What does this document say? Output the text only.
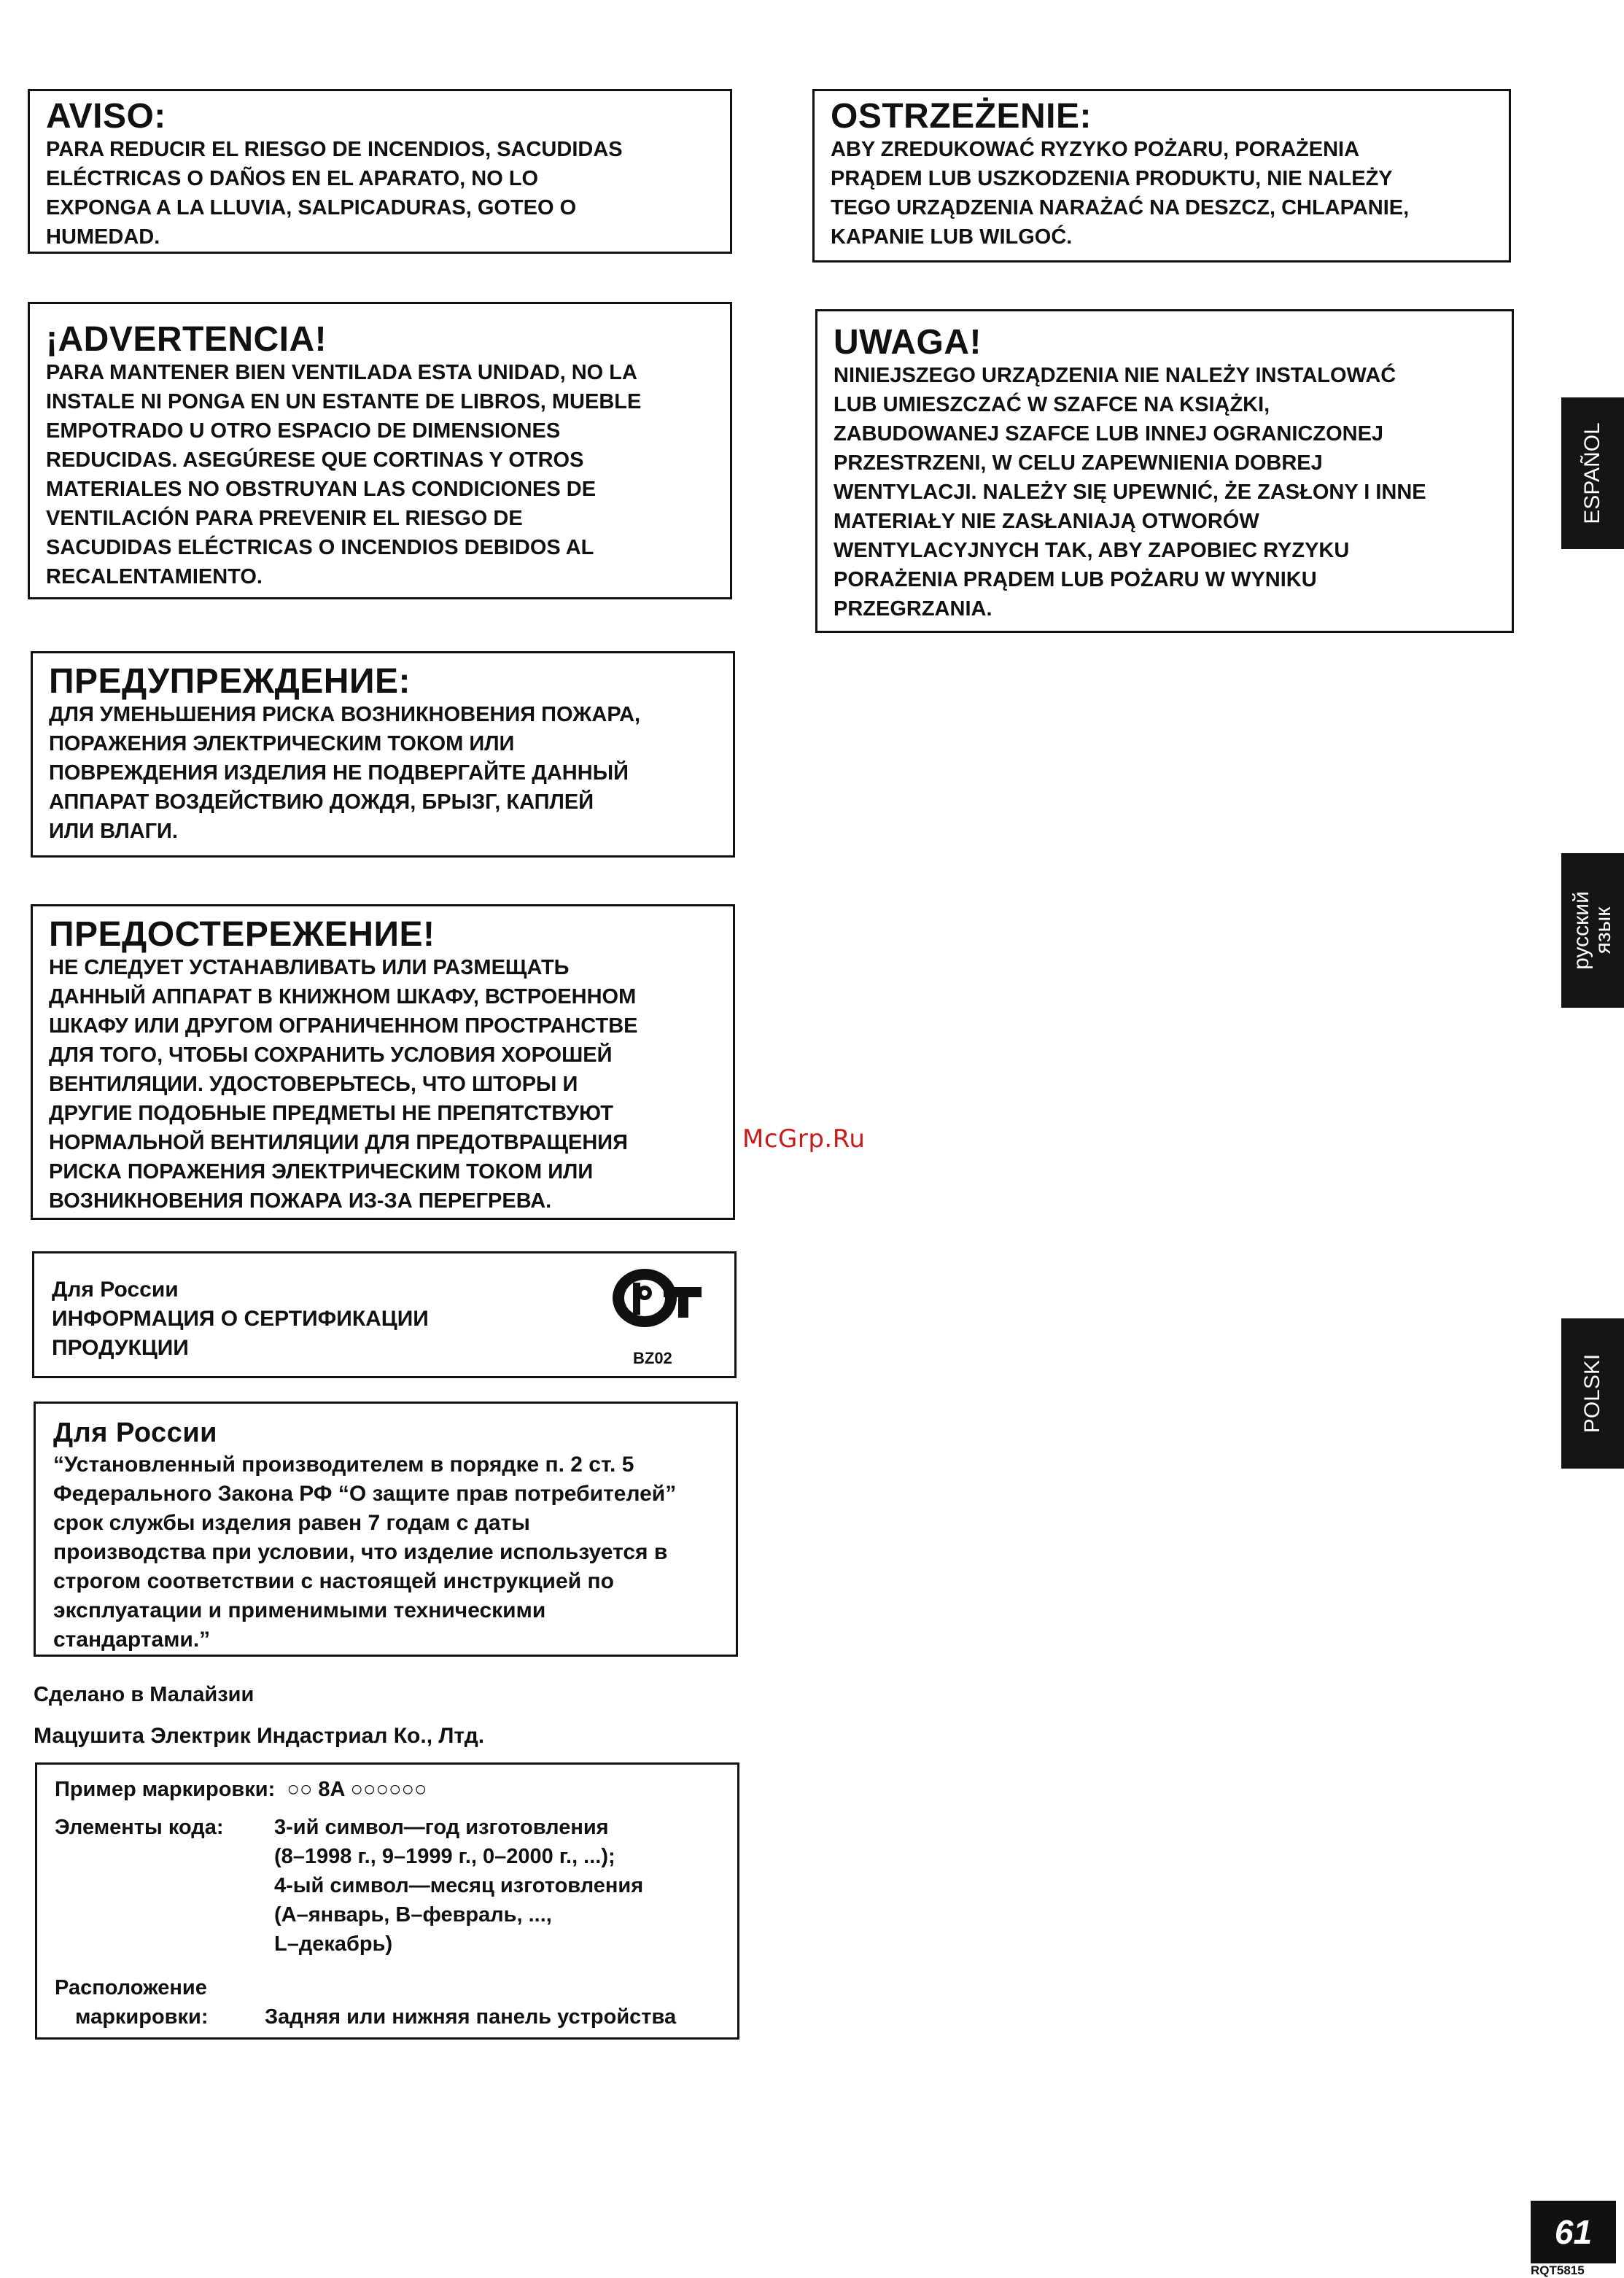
AVISO:

PARA REDUCIR EL RIESGO DE INCENDIOS, SACUDIDAS
ELÉCTRICAS O DAÑOS EN EL APARATO, NO LO
EXPONGA A LA LLUVIA, SALPICADURAS, GOTEO O
HUMEDAD.

¡ADVERTENCIA!

PARA MANTENER BIEN VENTILADA ESTA UNIDAD, NO LA
INSTALE NI PONGA EN UN ESTANTE DE LIBROS, MUEBLE
EMPOTRADO U OTRO ESPACIO DE DIMENSIONES
REDUCIDAS. ASEGÚRESE QUE CORTINAS Y OTROS
MATERIALES NO OBSTRUYAN LAS CONDICIONES DE
VENTILACIÓN PARA PREVENIR EL RIESGO DE
SACUDIDAS ELÉCTRICAS O INCENDIOS DEBIDOS AL
RECALENTAMIENTO.

ПРЕДУПРЕЖДЕНИЕ:

ДЛЯ УМЕНЬШЕНИЯ РИСКА ВОЗНИКНОВЕНИЯ ПОЖАРА,
ПОРАЖЕНИЯ ЭЛЕКТРИЧЕСКИМ ТОКОМ ИЛИ
ПОВРЕЖДЕНИЯ ИЗДЕЛИЯ НЕ ПОДВЕРГАЙТЕ ДАННЫЙ
АППАРАТ ВОЗДЕЙСТВИЮ ДОЖДЯ, БРЫЗГ, КАПЛЕЙ
ИЛИ ВЛАГИ.

ПРЕДОСТЕРЕЖЕНИЕ!

НЕ СЛЕДУЕТ УСТАНАВЛИВАТЬ ИЛИ РАЗМЕЩАТЬ
ДАННЫЙ АППАРАТ В КНИЖНОМ ШКАФУ, ВСТРОЕННОМ
ШКАФУ ИЛИ ДРУГОМ ОГРАНИЧЕННОМ ПРОСТРАНСТВЕ
ДЛЯ ТОГО, ЧТОБЫ СОХРАНИТЬ УСЛОВИЯ ХОРОШЕЙ
ВЕНТИЛЯЦИИ. УДОСТОВЕРЬТЕСЬ, ЧТО ШТОРЫ И
ДРУГИЕ ПОДОБНЫЕ ПРЕДМЕТЫ НЕ ПРЕПЯТСТВУЮТ
НОРМАЛЬНОЙ ВЕНТИЛЯЦИИ ДЛЯ ПРЕДОТВРАЩЕНИЯ
РИСКА ПОРАЖЕНИЯ ЭЛЕКТРИЧЕСКИМ ТОКОМ ИЛИ
ВОЗНИКНОВЕНИЯ ПОЖАРА ИЗ-ЗА ПЕРЕГРЕВА.

Для России

ИНФОРМАЦИЯ О СЕРТИФИКАЦИИ

ПРОДУКЦИИ

РСТ
BZ02
Для России

“Установленный производителем в порядке п. 2 ст. 5
Федерального Закона РФ “О защите прав потребителей”
срок службы изделия равен 7 годам с даты
производства при условии, что изделие используется в
строгом соответствии с настоящей инструкцией по
эксплуатации и применимыми техническими
стандартами.”

Сделано в Малайзии
Мацушита Электрик Индастриал Ко., Лтд.
Пример маркировки: ○○ 8A ○○○○○○
Элементы кода: 3-ий символ—год изготовления
(8–1998 г., 9–1999 г., 0–2000 г., ...);
4-ый символ—месяц изготовления
(A–январь, B–февраль, ...,
L–декабрь)
Расположение
маркировки:	Задняя или нижняя панель устройства
OSTRZEŻENIE:

ABY ZREDUKOWAĆ RYZYKO POŻARU, PORAŻENIA
PRĄDEM LUB USZKODZENIA PRODUKTU, NIE NALEŻY
TEGO URZĄDZENIA NARAŻAĆ NA DESZCZ, CHLAPANIE,
KAPANIE LUB WILGOĆ.

UWAGA!

NINIEJSZEGO URZĄDZENIA NIE NALEŻY INSTALOWAĆ
LUB UMIESZCZAĆ W SZAFCE NA KSIĄŻKI,
ZABUDOWANEJ SZAFCE LUB INNEJ OGRANICZONEJ
PRZESTRZENI, W CELU ZAPEWNIENIA DOBREJ
WENTYLACJI. NALEŻY SIĘ UPEWNIĆ, ŻE ZASŁONY I INNE
MATERIAŁY NIE ZASŁANIAJĄ OTWORÓW
WENTYLACYJNYCH TAK, ABY ZAPOBIEC RYZYKU
PORAŻENIA PRĄDEM LUB POŻARU W WYNIKU
PRZEGRZANIA.

McGrp.Ru
ESPAÑOL
русский
язык
POLSKI
61
RQT5815
